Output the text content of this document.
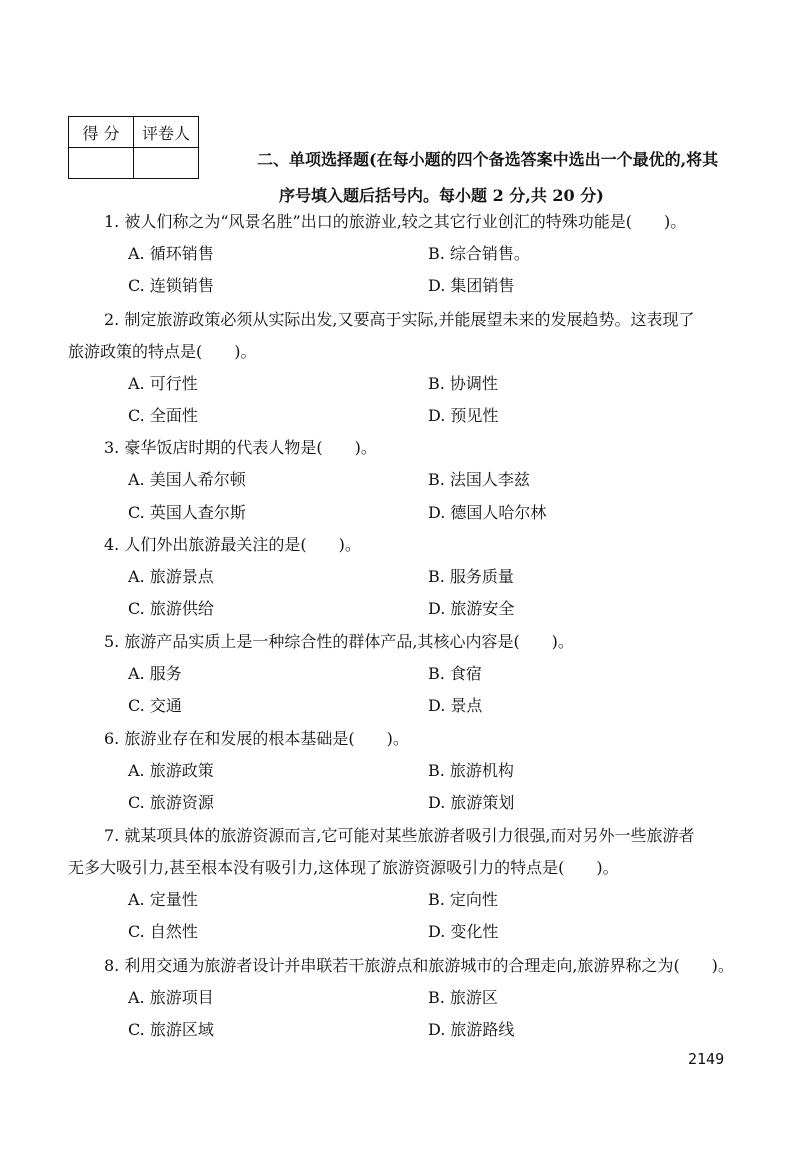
得 分	评卷人

二、单项选择题(在每小题的四个备选答案中选出一个最优的,将其
序号填入题后括号内。每小题 2 分,共 20 分)
1. 被人们称之为“风景名胜”出口的旅游业,较之其它行业创汇的特殊功能是(　　)。
A. 循环销售	B. 综合销售。
C. 连锁销售	D. 集团销售
2. 制定旅游政策必须从实际出发,又要高于实际,并能展望未来的发展趋势。这表现了
旅游政策的特点是(　　)。
A. 可行性	B. 协调性
C. 全面性	D. 预见性
3. 豪华饭店时期的代表人物是(　　)。
A. 美国人希尔顿	B. 法国人李兹
C. 英国人查尔斯	D. 德国人哈尔林
4. 人们外出旅游最关注的是(　　)。
A. 旅游景点	B. 服务质量
C. 旅游供给	D. 旅游安全
5. 旅游产品实质上是一种综合性的群体产品,其核心内容是(　　)。
A. 服务	B. 食宿
C. 交通	D. 景点
6. 旅游业存在和发展的根本基础是(　　)。
A. 旅游政策	B. 旅游机构
C. 旅游资源	D. 旅游策划
7. 就某项具体的旅游资源而言,它可能对某些旅游者吸引力很强,而对另外一些旅游者
无多大吸引力,甚至根本没有吸引力,这体现了旅游资源吸引力的特点是(　　)。
A. 定量性	B. 定向性
C. 自然性	D. 变化性
8. 利用交通为旅游者设计并串联若干旅游点和旅游城市的合理走向,旅游界称之为(　　)。
A. 旅游项目	B. 旅游区
C. 旅游区域	D. 旅游路线
2149
